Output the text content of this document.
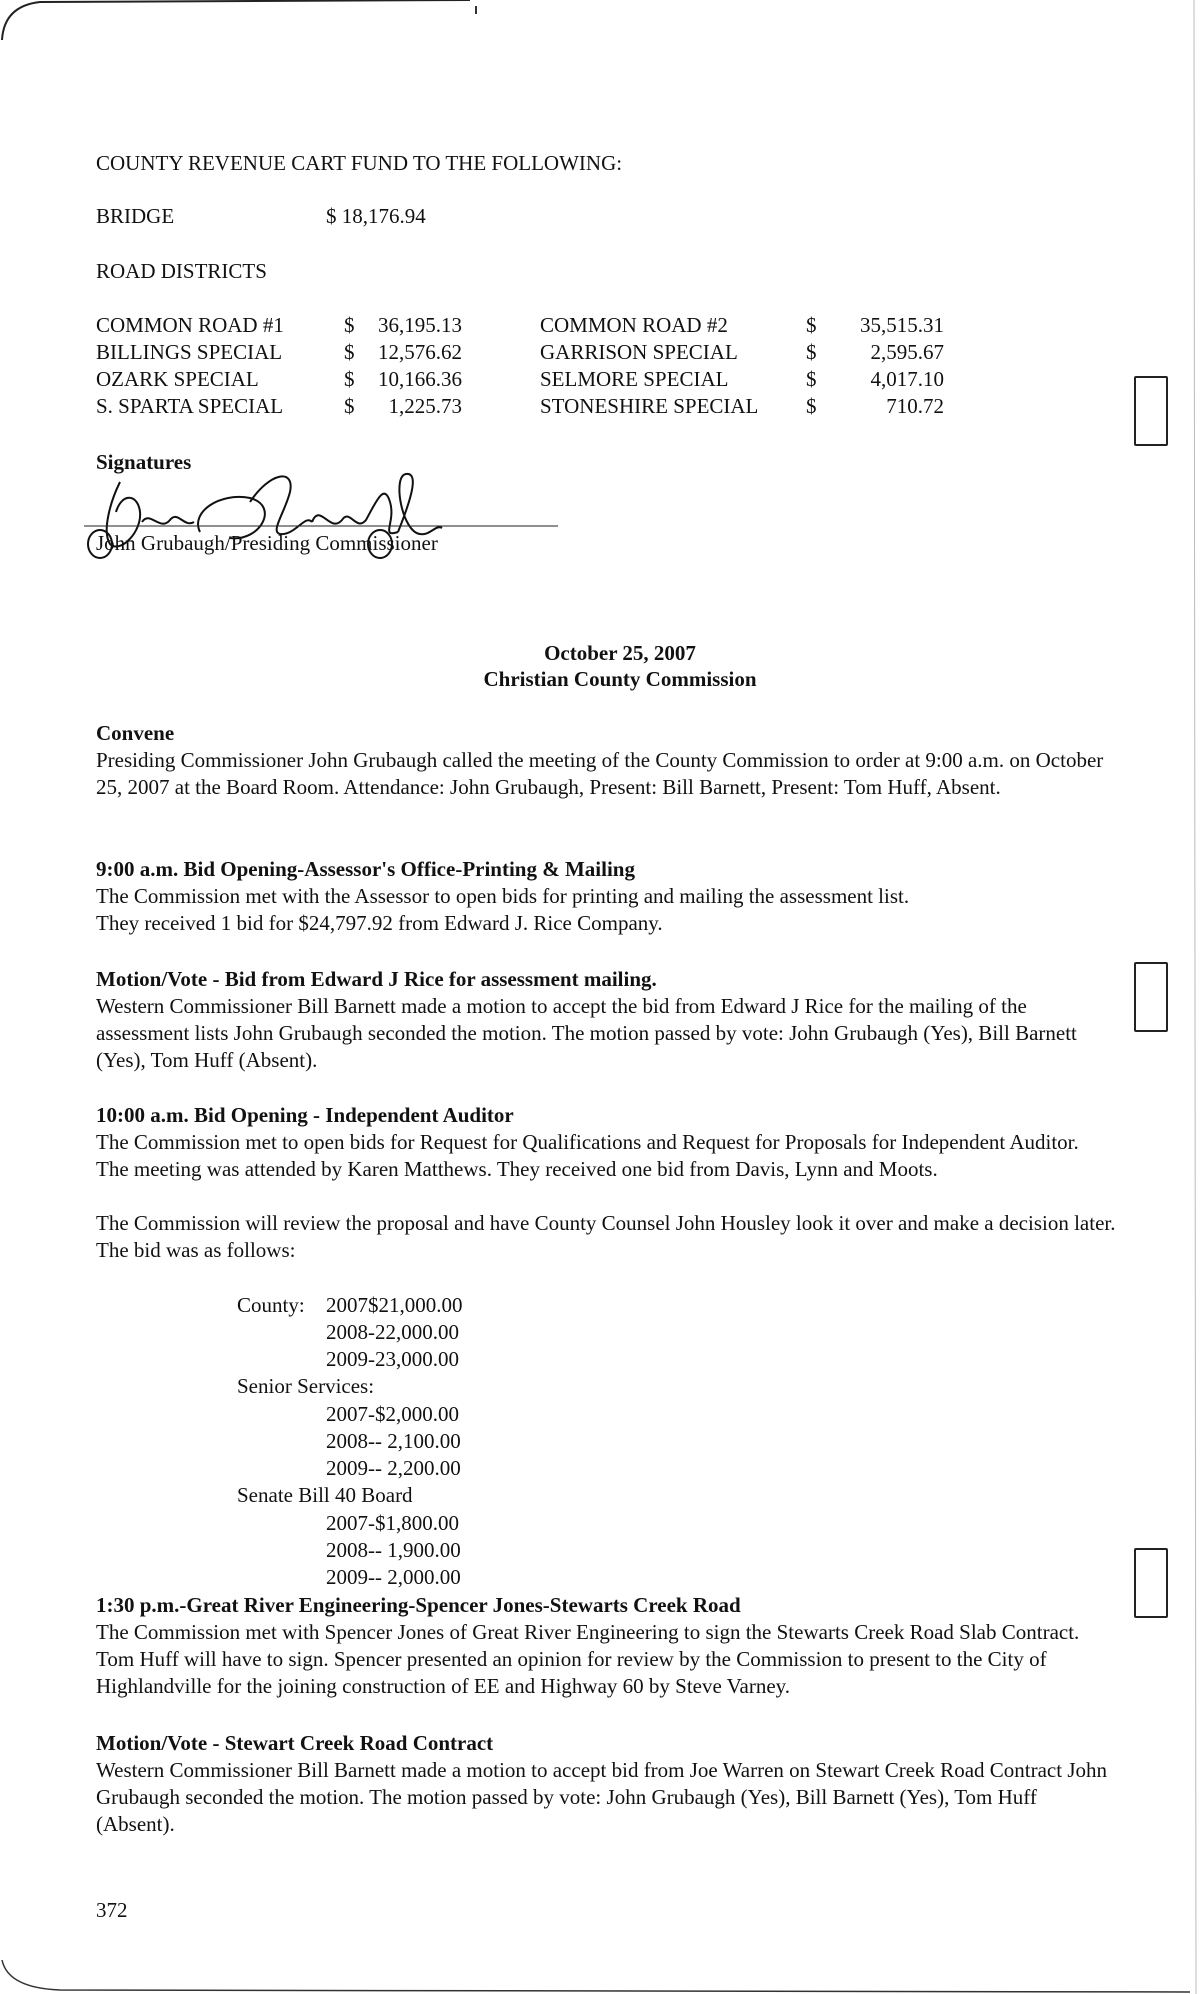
COUNTY REVENUE CART FUND TO THE FOLLOWING:
BRIDGE	$ 18,176.94
ROAD DISTRICTS
COMMON ROAD #1	$	36,195.13	COMMON ROAD #2	$	35,515.31
BILLINGS SPECIAL	$	12,576.62	GARRISON SPECIAL	$	2,595.67
OZARK SPECIAL	$	10,166.36	SELMORE SPECIAL	$	4,017.10
S. SPARTA SPECIAL	$	1,225.73	STONESHIRE SPECIAL $	710.72
Signatures
John Grubaugh/Presiding Commissioner
October 25, 2007
Christian County Commission
Convene
Presiding Commissioner John Grubaugh called the meeting of the County Commission to order at 9:00 a.m. on October 25, 2007 at the Board Room. Attendance: John Grubaugh, Present: Bill Barnett, Present: Tom Huff, Absent.
9:00 a.m. Bid Opening-Assessor's Office-Printing & Mailing
The Commission met with the Assessor to open bids for printing and mailing the assessment list.
They received 1 bid for $24,797.92 from Edward J. Rice Company.
Motion/Vote - Bid from Edward J Rice for assessment mailing.
Western Commissioner Bill Barnett made a motion to accept the bid from Edward J Rice for the mailing of the assessment lists John Grubaugh seconded the motion. The motion passed by vote: John Grubaugh (Yes), Bill Barnett (Yes), Tom Huff (Absent).
10:00 a.m. Bid Opening - Independent Auditor
The Commission met to open bids for Request for Qualifications and Request for Proposals for Independent Auditor. The meeting was attended by Karen Matthews. They received one bid from Davis, Lynn and Moots.
The Commission will review the proposal and have County Counsel John Housley look it over and make a decision later. The bid was as follows:
County: 2007$21,000.00
2008-22,000.00
2009-23,000.00
Senior Services:
2007-$2,000.00
2008-- 2,100.00
2009-- 2,200.00
Senate Bill 40 Board
2007-$1,800.00
2008-- 1,900.00
2009-- 2,000.00
1:30 p.m.-Great River Engineering-Spencer Jones-Stewarts Creek Road
The Commission met with Spencer Jones of Great River Engineering to sign the Stewarts Creek Road Slab Contract. Tom Huff will have to sign. Spencer presented an opinion for review by the Commission to present to the City of Highlandville for the joining construction of EE and Highway 60 by Steve Varney.
Motion/Vote - Stewart Creek Road Contract
Western Commissioner Bill Barnett made a motion to accept bid from Joe Warren on Stewart Creek Road Contract John Grubaugh seconded the motion. The motion passed by vote: John Grubaugh (Yes), Bill Barnett (Yes), Tom Huff (Absent).
372
